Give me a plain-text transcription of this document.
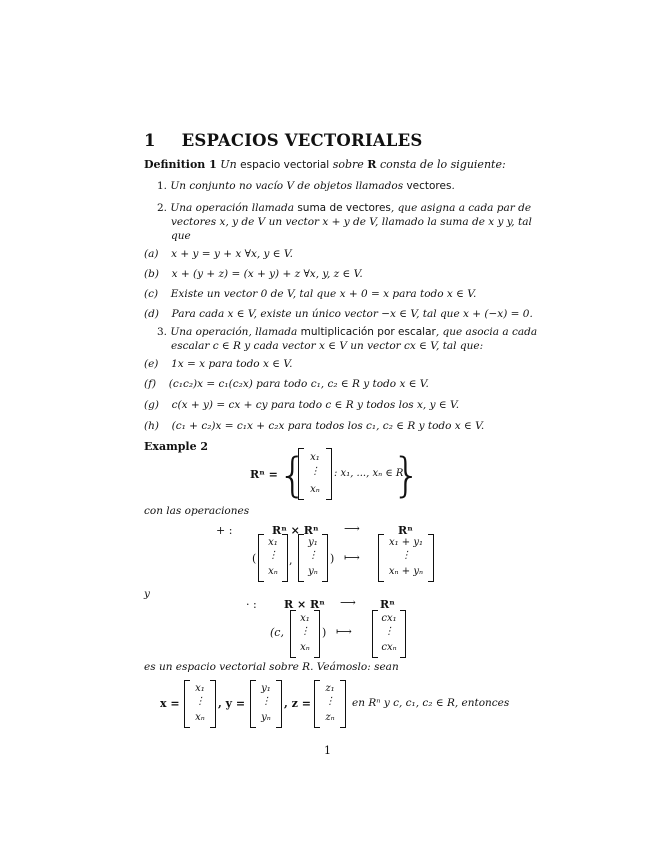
1 ESPACIOS VECTORIALES
Definition 1 Un espacio vectorial sobre R consta de lo siguiente:
1. Un conjunto no vacío V de objetos llamados vectores.
2. Una operación llamada suma de vectores, que asigna a cada par de
vectores x, y de V un vector x + y de V, llamado la suma de x y y, tal
que
(a) x + y = y + x ∀x, y ∈ V.
(b) x + (y + z) = (x + y) + z ∀x, y, z ∈ V.
(c) Existe un vector 0 de V, tal que x + 0 = x para todo x ∈ V.
(d) Para cada x ∈ V, existe un único vector −x ∈ V, tal que x + (−x) = 0.
3. Una operación, llamada multiplicación por escalar, que asocia a cada
escalar c ∈ R y cada vector x ∈ V un vector cx ∈ V, tal que:
(e) 1x = x para todo x ∈ V.
(f) (c₁c₂)x = c₁(c₂x) para todo c₁, c₂ ∈ R y todo x ∈ V.
(g) c(x + y) = cx + cy para todo c ∈ R y todos los x, y ∈ V.
(h) (c₁ + c₂)x = c₁x + c₂x para todos los c₁, c₂ ∈ R y todo x ∈ V.
Example 2
Rⁿ = { x₁
⋮
xₙ
: x₁, ..., xₙ ∈ R
}
con las operaciones
+ :	Rⁿ × Rⁿ ⟶	Rⁿ
(
x₁
⋮
xₙ
,
y₁
⋮
yₙ
) ⟼
x₁ + y₁
⋮
xₙ + yₙ
y
· : R × Rⁿ ⟶ Rⁿ
(c,
x₁
⋮
xₙ
) ⟼
cx₁
⋮
cxₙ
es un espacio vectorial sobre R. Veámoslo: sean
x =
x₁
⋮
xₙ
, y =
y₁
⋮
yₙ
, z =
z₁
⋮
zₙ
en Rⁿ y c, c₁, c₂ ∈ R, entonces
1
